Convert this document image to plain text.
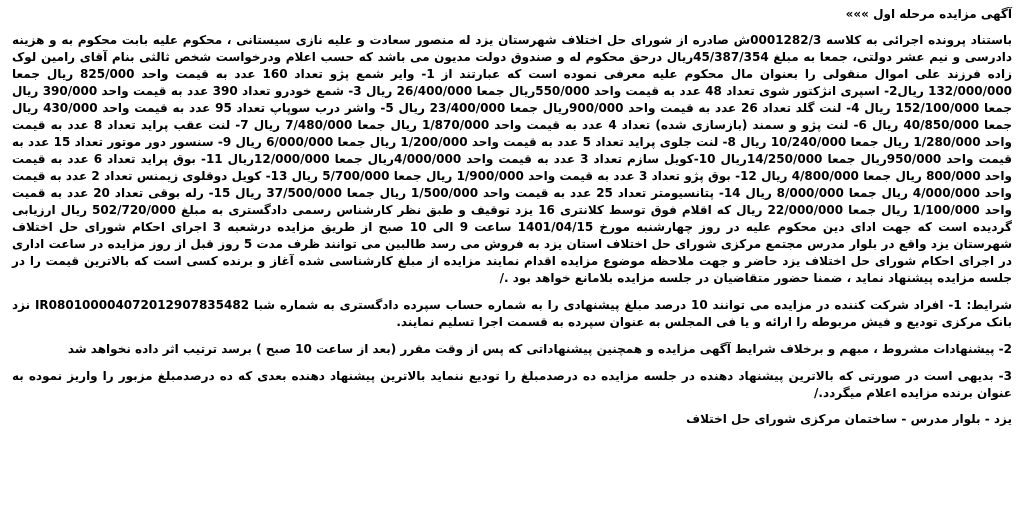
آگهی مزایده مرحله اول »»»

باستناد پرونده اجرائی به کلاسه 0001282/3ش صادره از شورای حل اختلاف شهرستان یزد له منصور سعادت و علیه نازی سیستانی ، محکوم علیه بابت محکوم به و هزینه دادرسی و نیم عشر دولتی، جمعا به مبلغ 45/387/354ریال درحق محکوم له و صندوق دولت مدیون می باشد که حسب اعلام ودرخواست شخص ثالثی بنام آقای رامین لوک زاده فرزند علی اموال منقولی را بعنوان مال محکوم علیه معرفی نموده است که عبارتند از 1- وایر شمع پژو تعداد 160 عدد به قیمت واحد 825/000 ریال جمعا 132/000/000 ریال2- اسپری انژکتور شوی تعداد 48 عدد به قیمت واحد 550/000ریال جمعا 26/400/000 ریال 3- شمع خودرو تعداد 390 عدد به قیمت واحد 390/000 ریال جمعا 152/100/000 ریال 4- لنت گلد تعداد 26 عدد به قیمت واحد 900/000ریال جمعا 23/400/000 ریال 5- واشر درب سوپاپ تعداد 95 عدد به قیمت واحد 430/000 ریال جمعا 40/850/000 ریال 6- لنت پژو و سمند (بازسازی شده) تعداد 4 عدد به قیمت واحد 1/870/000 ریال جمعا 7/480/000 ریال 7- لنت عقب پراید تعداد 8 عدد به قیمت واحد 1/280/000 ریال جمعا 10/240/000 ریال 8- لنت جلوی پراید تعداد 5 عدد به قیمت واحد 1/200/000 ریال جمعا 6/000/000 ریال 9- سنسور دور موتور تعداد 15 عدد به قیمت واحد 950/000ریال جمعا 14/250/000ریال 10-کویل سازم تعداد 3 عدد به قیمت واحد 4/000/000ریال جمعا 12/000/000ریال 11- بوق پراید تعداد 6 عدد به قیمت واحد 800/000 ریال جمعا 4/800/000 ریال 12- بوق پژو تعداد 3 عدد به قیمت واحد 1/900/000 ریال جمعا 5/700/000 ریال 13- کویل دوقلوی زیمنس تعداد 2 عدد به قیمت واحد 4/000/000 ریال جمعا 8/000/000 ریال 14- پتانسیومتر تعداد 25 عدد به قیمت واحد 1/500/000 ریال جمعا 37/500/000 ریال 15- رله بوقی تعداد 20 عدد به قمیت واحد 1/100/000 ریال جمعا 22/000/000 ریال که اقلام فوق توسط کلانتری 16 یزد توقیف و طبق نظر کارشناس رسمی دادگستری به مبلغ 502/720/000 ریال ارزیابی گردیده است که جهت ادای دین محکوم علیه در روز چهارشنبه مورخ 1401/04/15 ساعت 9 الی 10 صبح از طریق مزایده درشعبه 3 اجرای احکام شورای حل اختلاف شهرستان یزد واقع در بلوار مدرس مجتمع مرکزی شورای حل اختلاف استان یزد به فروش می رسد طالبین می توانند ظرف مدت 5 روز قبل از روز مزایده در ساعت اداری در اجرای احکام شورای حل اختلاف یزد حاضر و جهت ملاحظه موضوع مزایده اقدام نمایند مزایده از مبلغ کارشناسی شده آغاز و برنده کسی است که بالاترین قیمت را در جلسه مزایده پیشنهاد نماید ، ضمنا حضور متقاضیان در جلسه مزایده بلامانع خواهد بود ./

شرایط: 1- افراد شرکت کننده در مزایده می توانند 10 درصد مبلغ پیشنهادی را به شماره حساب سپرده دادگستری به شماره شبا IR080100004072012907835482 نزد بانک مرکزی تودیع و فیش مربوطه را ارائه و یا فی المجلس به عنوان سپرده به قسمت اجرا تسلیم نمایند.

2- پیشنهادات مشروط ، مبهم و برخلاف شرایط آگهی مزایده و همچنین پیشنهاداتی که پس از وقت مقرر (بعد از ساعت 10 صبح ) برسد ترتیب اثر داده نخواهد شد

3- بدیهی است در صورتی که بالاترین پیشنهاد دهنده در جلسه مزایده ده درصدمبلغ را تودیع ننماید بالاترین پیشنهاد دهنده بعدی که ده درصدمبلغ مزبور را واریز نموده به عنوان برنده مزایده اعلام میگردد./

یزد - بلوار مدرس - ساختمان مرکزی شورای حل اختلاف
